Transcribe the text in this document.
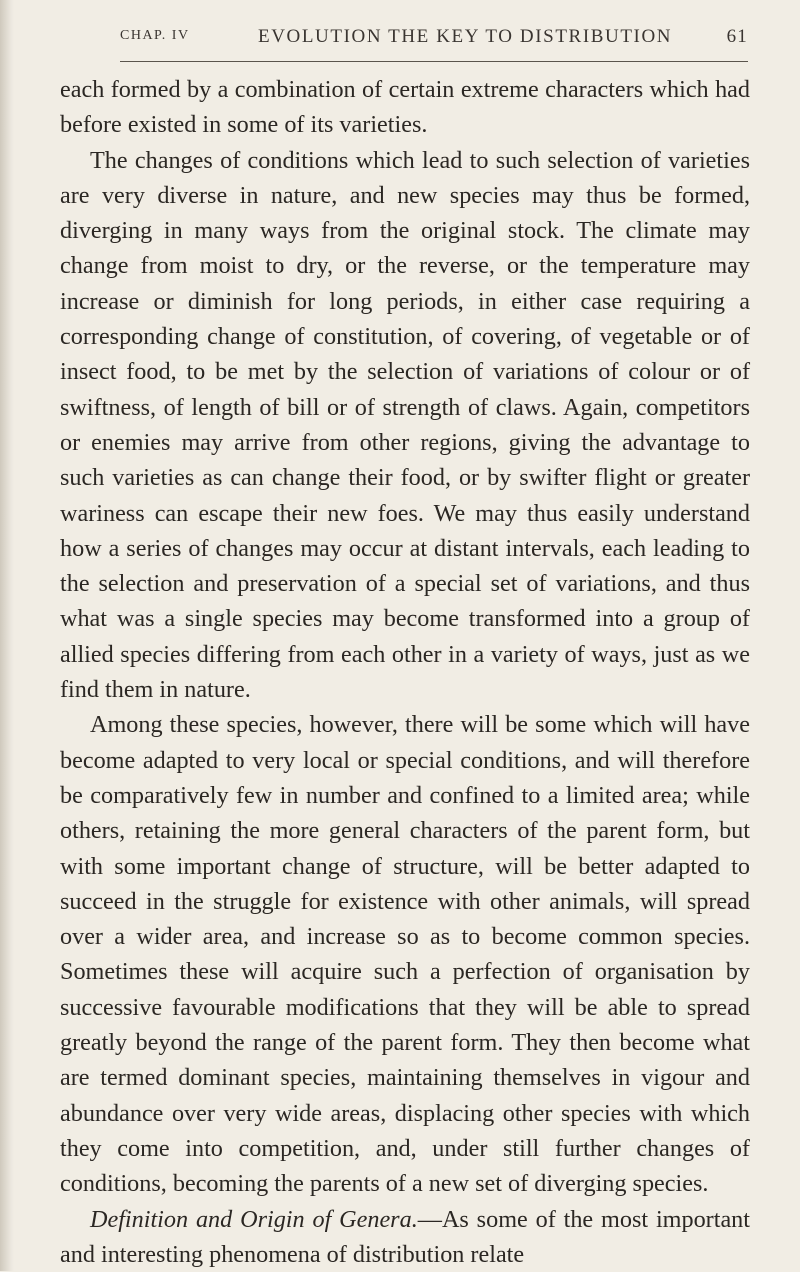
CHAP. IV	EVOLUTION THE KEY TO DISTRIBUTION	61

each formed by a combination of certain extreme characters which had before existed in some of its varieties.

The changes of conditions which lead to such selection of varieties are very diverse in nature, and new species may thus be formed, diverging in many ways from the original stock. The climate may change from moist to dry, or the reverse, or the temperature may increase or diminish for long periods, in either case requiring a corresponding change of constitution, of covering, of vegetable or of insect food, to be met by the selection of variations of colour or of swiftness, of length of bill or of strength of claws. Again, competitors or enemies may arrive from other regions, giving the advantage to such varieties as can change their food, or by swifter flight or greater wariness can escape their new foes. We may thus easily understand how a series of changes may occur at distant intervals, each leading to the selection and preservation of a special set of variations, and thus what was a single species may become transformed into a group of allied species differing from each other in a variety of ways, just as we find them in nature.

Among these species, however, there will be some which will have become adapted to very local or special conditions, and will therefore be comparatively few in number and confined to a limited area; while others, retaining the more general characters of the parent form, but with some important change of structure, will be better adapted to succeed in the struggle for existence with other animals, will spread over a wider area, and increase so as to become common species. Sometimes these will acquire such a perfection of organisation by successive favourable modifications that they will be able to spread greatly beyond the range of the parent form. They then become what are termed dominant species, maintaining themselves in vigour and abundance over very wide areas, displacing other species with which they come into competition, and, under still further changes of conditions, becoming the parents of a new set of diverging species.

Definition and Origin of Genera.—As some of the most important and interesting phenomena of distribution relate
